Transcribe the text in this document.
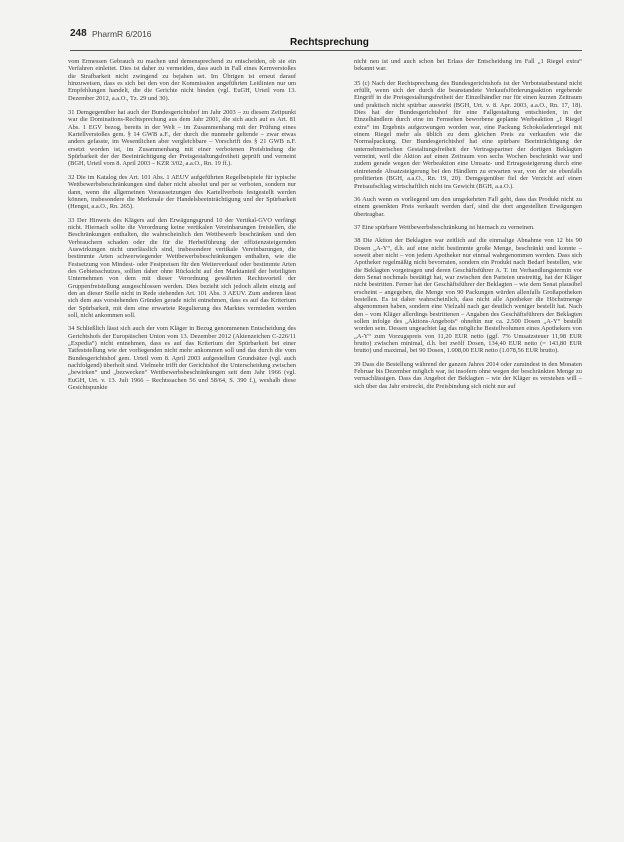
248 PharmR 6/2016
Rechtsprechung

vom Ermessen Gebrauch zu machen und demensprechend zu entscheiden, ob sie ein Verfahren einleitet. Dies ist daher zu vermeiden, dass auch in Fall eines Kernverstoßes die Strafbarkeit nicht zwingend zu bejahen sei. Im Übrigen ist erneut darauf hinzuweisen, dass es sich bei den von der Kommission angeführten Leitlinien nur um Empfehlungen handelt, die die Gerichte nicht binden (vgl. EuGH, Urteil vom 13. Dezember 2012, a.a.O., Tz. 29 und 30).

31 Demgegenüber hat auch der Bundesgerichtshof im Jahr 2003 – zu diesem Zeitpunkt war die Dominations-Rechtsprechung aus dem Jahr 2001, die sich auch auf es Art. 81 Abs. 1 EGV bezog, bereits in der Welt – im Zusammenhang mit der Prüfung eines Kartellverstoßes gem. § 14 GWB a.F., der durch die nunmehr geltende – zwar etwas anders gefasste, im Wesentlichen aber vergleichbare – Vorschrift des § 21 GWB n.F. ersetzt worden ist, im Zusammenhang mit einer verbotenen Preisbindung die Spürbarkeit der der Beeinträchtigung der Preisgestaltungsfreiheit geprüft und verneint (BGH, Urteil vom 8. April 2003 – KZR 3/02, a.a.O., Rn. 19 ff.).

32 Die im Katalog des Art. 101 Abs. 1 AEUV aufgeführten Regelbeispiele für typische Wettbewerbsbeschränkungen sind daher nicht absolut und per se verboten, sondern nur dann, wenn die allgemeinen Voraussetzungen des Kartellverbots festgestellt werden können, insbesondere die Merkmale der Handelsbeeinträchtigung und der Spürbarkeit (Hengst, a.a.O., Rn. 265).

33 Der Hinweis des Klägers auf den Erwägungsgrund 10 der Vertikal-GVO verfängt nicht. Hiernach sollte die Verordnung keine vertikalen Vereinbarungen freistellen, die Beschränkungen enthalten, die wahrscheinlich den Wettbewerb beschränken und den Verbrauchern schaden oder die für die Herbeiführung der effizienzsteigernden Auswirkungen nicht unerlässlich sind, insbesondere vertikale Vereinbarungen, die bestimmte Arten schwerwiegender Wettbewerbsbeschränkungen enthalten, wie die Festsetzung von Mindest- oder Festpreisen für den Weiterverkauf oder bestimmte Arten des Gebietsschutzes, sollten daher ohne Rücksicht auf den Marktanteil der beteiligten Unternehmen von dem mit dieser Verordnung gewährten Rechtsvorteil der Gruppenfreistellung ausgeschlossen werden. Dies bezieht sich jedoch allein einzig auf den an dieser Stelle nicht in Rede stehenden Art. 101 Abs. 3 AEUV. Zum anderen lässt sich dem aus vorstehenden Gründen gerade nicht entnehmen, dass es auf das Kriterium der Spürbarkeit, mit dem eine erwartete Regulierung des Marktes vermieden werden soll, nicht ankommen soll.

34 Schließlich lässt sich auch der vom Kläger in Bezug genommenen Entscheidung des Gerichtshofs der Europäischen Union vom 13. Dezember 2012 (Aktenzeichen C-226/11 „Expedia“) nicht entnehmen, dass es auf das Kriterium der Spürbarkeit bei einer Tatfeststellung wie der vorliegenden nicht mehr ankommen soll und das durch die vom Bundesgerichtshof gem. Urteil vom 8. April 2003 aufgestellten Grundsätze (vgl. auch nachfolgend) überholt sind. Vielmehr trifft der Gerichtshof die Unterscheidung zwischen „bewirken“ und „bezwecken“ Wettbewerbsbeschränkungen seit dem Jahr 1966 (vgl. EuGH, Urt. v. 13. Juli 1966 – Rechtssachen 56 und 58/64, S. 390 f.), weshalb diese Gesichtspunkte

nicht neu ist und auch schon bei Erlass der Entscheidung im Fall „1 Riegel extra“ bekannt war.

35 (c) Nach der Rechtsprechung des Bundesgerichtshofs ist der Verbotstatbestand nicht erfüllt, wenn sich der durch die beanstandete Verkaufsförderungsaktion ergebende Eingriff in die Preisgestaltungsfreiheit der Einzelhändler nur für einen kurzen Zeitraum und praktisch nicht spürbar auswirkt (BGH, Urt. v. 8. Apr. 2003, a.a.O., Rn. 17, 18). Dies hat der Bundesgerichtshof für eine Fallgestaltung entschieden, in der Einzelhändlern durch eine im Fernsehen beworbene geplante Werbeaktion „1 Riegel extra“ im Ergebnis aufgezwungen worden war, eine Packung Schokoladenriegel mit einem Riegel mehr als üblich zu dem gleichen Preis zu verkaufen wie die Normalpackung. Der Bundesgerichtshof hat eine spürbare Beeinträchtigung der unternehmerischen Gestaltungsfreiheit der Vertragspartner der dortigen Beklagten verneint, weil die Aktion auf einen Zeitraum von sechs Wochen beschränkt war und zudem gerade wegen der Werbeaktion eine Umsatz- und Ertragssteigerung durch eine eintretende Absatzsteigerung bei den Händlern zu erwarten war, von der sie ebenfalls profitierten (BGH, a.a.O., Rn. 19, 20). Demgegenüber fiel der Verzicht auf einen Preisaufschlag wirtschaftlich nicht ins Gewicht (BGH, a.a.O.).

36 Auch wenn es vorliegend um den umgekehrten Fall geht, dass das Produkt nicht zu einem gesenkten Preis verkauft werden darf, sind die dort angestellten Erwägungen übertragbar.

37 Eine spürbare Wettbewerbsbeschränkung ist hiernach zu verneinen.

38 Die Aktion der Beklagten war zeitlich auf die einmalige Abnahme von 12 bis 90 Dosen „A-Y“, d.h. auf eine nicht bestimmte große Menge, beschränkt und konnte – soweit aber nicht – von jedem Apotheker nur einmal wahrgenommen werden. Dass sich Apotheker regelmäßig nicht bevorraten, sondern ein Produkt nach Bedarf bestellen, wie die Beklagten vorgetragen und deren Geschäftsführer A. T. im Verhandlungstermin vor dem Senat nochmals bestätigt hat, war zwischen den Parteien unstreitig, hat der Kläger nicht bestritten. Ferner hat der Geschäftsführer der Beklagten – wie dem Senat plausibel erscheint – angegeben, die Menge von 90 Packungen würden allenfalls Großapotheken bestellen. Es ist daher wahrscheinlich, dass nicht alle Apotheker die Höchstmenge abgenommen haben, sondern eine Vielzahl nach gar deutlich weniger bestellt hat. Nach den – vom Kläger allerdings bestrittenen – Angaben des Geschäftsführers der Beklagten sollen infolge des „Aktions-Angebots“ ohnehin nur ca. 2.500 Dosen „A-Y“ bestellt worden sein. Dessen ungeachtet lag das mögliche Bestellvolumen eines Apothekers von „A-Y“ zum Vorzugspreis von 11,20 EUR netto (ggf. 7% Umsatzsteuer 11,98 EUR brutto) zwischen minimal, d.h. bei zwölf Dosen, 134,40 EUR netto (= 143,80 EUR brutto) und maximal, bei 90 Dosen, 1.008,00 EUR netto (1.078,56 EUR brutto).

39 Dass die Bestellung während der ganzen Jahres 2014 oder zumindest in den Monaten Februar bis Dezember möglich war, ist insofern ohne wegen der beschränkten Menge zu vernachlässigen. Dass das Angebot der Beklagten – wie der Kläger es verstehen will – sich über das Jahr erstreckt, die Preisbindung sich nicht nur auf
